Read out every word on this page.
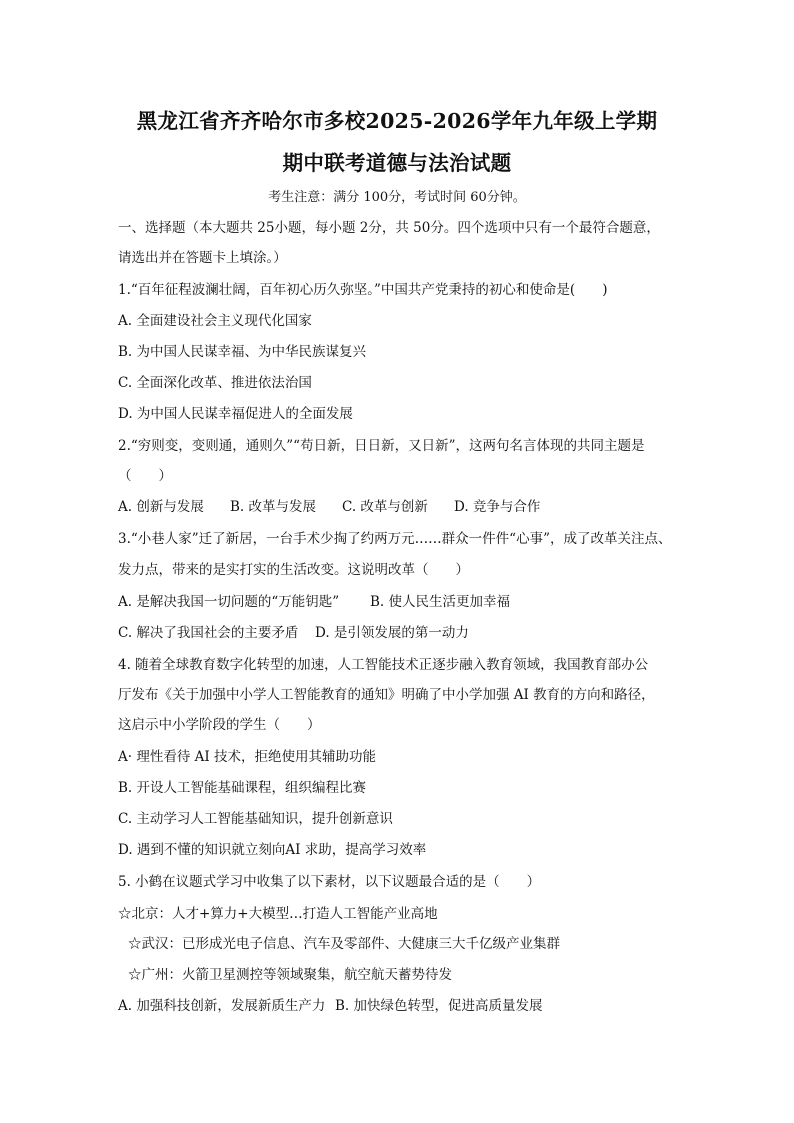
黑龙江省齐齐哈尔市多校2025-2026学年九年级上学期
期中联考道德与法治试题
考生注意：满分 100分，考试时间 60分钟。
一、选择题（本大题共 25小题，每小题 2分，共 50分。四个选项中只有一个最符合题意，
请选出并在答题卡上填涂。）
1.“百年征程波澜壮阔，百年初心历久弥坚。”中国共产党秉持的初心和使命是(　　)
A. 全面建设社会主义现代化国家
B. 为中国人民谋幸福、为中华民族谋复兴
C. 全面深化改革、推进依法治国
D. 为中国人民谋幸福促进人的全面发展
2.“穷则变，变则通，通则久”“苟日新，日日新，又日新”，这两句名言体现的共同主题是
（　　）
A. 创新与发展	B. 改革与发展	C. 改革与创新	D. 竞争与合作
3.“小巷人家”迁了新居，一台手术少掏了约两万元……群众一件件“心事”，成了改革关注点、
发力点，带来的是实打实的生活改变。这说明改革（　　）
A. 是解决我国一切问题的“万能钥匙”	B. 使人民生活更加幸福
C. 解决了我国社会的主要矛盾	D. 是引领发展的第一动力
4. 随着全球教育数字化转型的加速，人工智能技术正逐步融入教育领域，我国教育部办公
厅发布《关于加强中小学人工智能教育的通知》明确了中小学加强 AI 教育的方向和路径，
这启示中小学阶段的学生（　　）
A· 理性看待 AI 技术，拒绝使用其辅助功能
B. 开设人工智能基础课程，组织编程比赛
C. 主动学习人工智能基础知识，提升创新意识
D. 遇到不懂的知识就立刻向AI 求助，提高学习效率
5. 小鹤在议题式学习中收集了以下素材，以下议题最合适的是（　　）
☆北京：人才+算力+大模型…打造人工智能产业高地
☆武汉：已形成光电子信息、汽车及零部件、大健康三大千亿级产业集群
☆广州：火箭卫星测控等领域聚集，航空航天蓄势待发
A. 加强科技创新，发展新质生产力 B. 加快绿色转型，促进高质量发展
